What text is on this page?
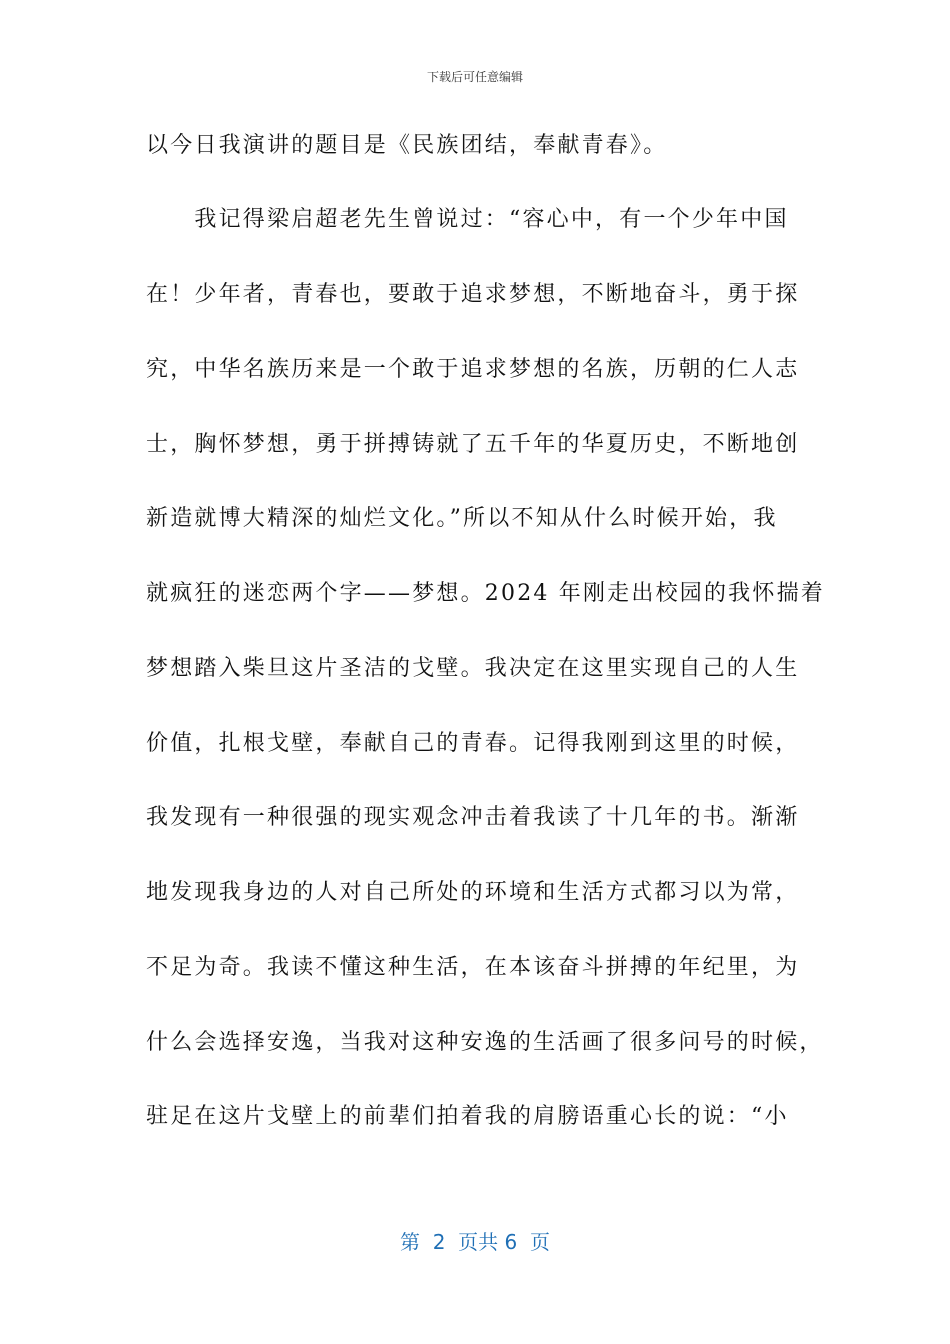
下载后可任意编辑
以今日我演讲的题目是《民族团结，奉献青春》。
　　我记得梁启超老先生曾说过：“容心中，有一个少年中国
在！少年者，青春也，要敢于追求梦想，不断地奋斗，勇于探
究，中华名族历来是一个敢于追求梦想的名族，历朝的仁人志
士，胸怀梦想，勇于拼搏铸就了五千年的华夏历史，不断地创
新造就博大精深的灿烂文化。”所以不知从什么时候开始，我
就疯狂的迷恋两个字——梦想。2024 年刚走出校园的我怀揣着
梦想踏入柴旦这片圣洁的戈壁。我决定在这里实现自己的人生
价值，扎根戈壁，奉献自己的青春。记得我刚到这里的时候，
我发现有一种很强的现实观念冲击着我读了十几年的书。渐渐
地发现我身边的人对自己所处的环境和生活方式都习以为常，
不足为奇。我读不懂这种生活，在本该奋斗拼搏的年纪里，为
什么会选择安逸，当我对这种安逸的生活画了很多问号的时候，
驻足在这片戈壁上的前辈们拍着我的肩膀语重心长的说：“小
第  2  页共 6  页
